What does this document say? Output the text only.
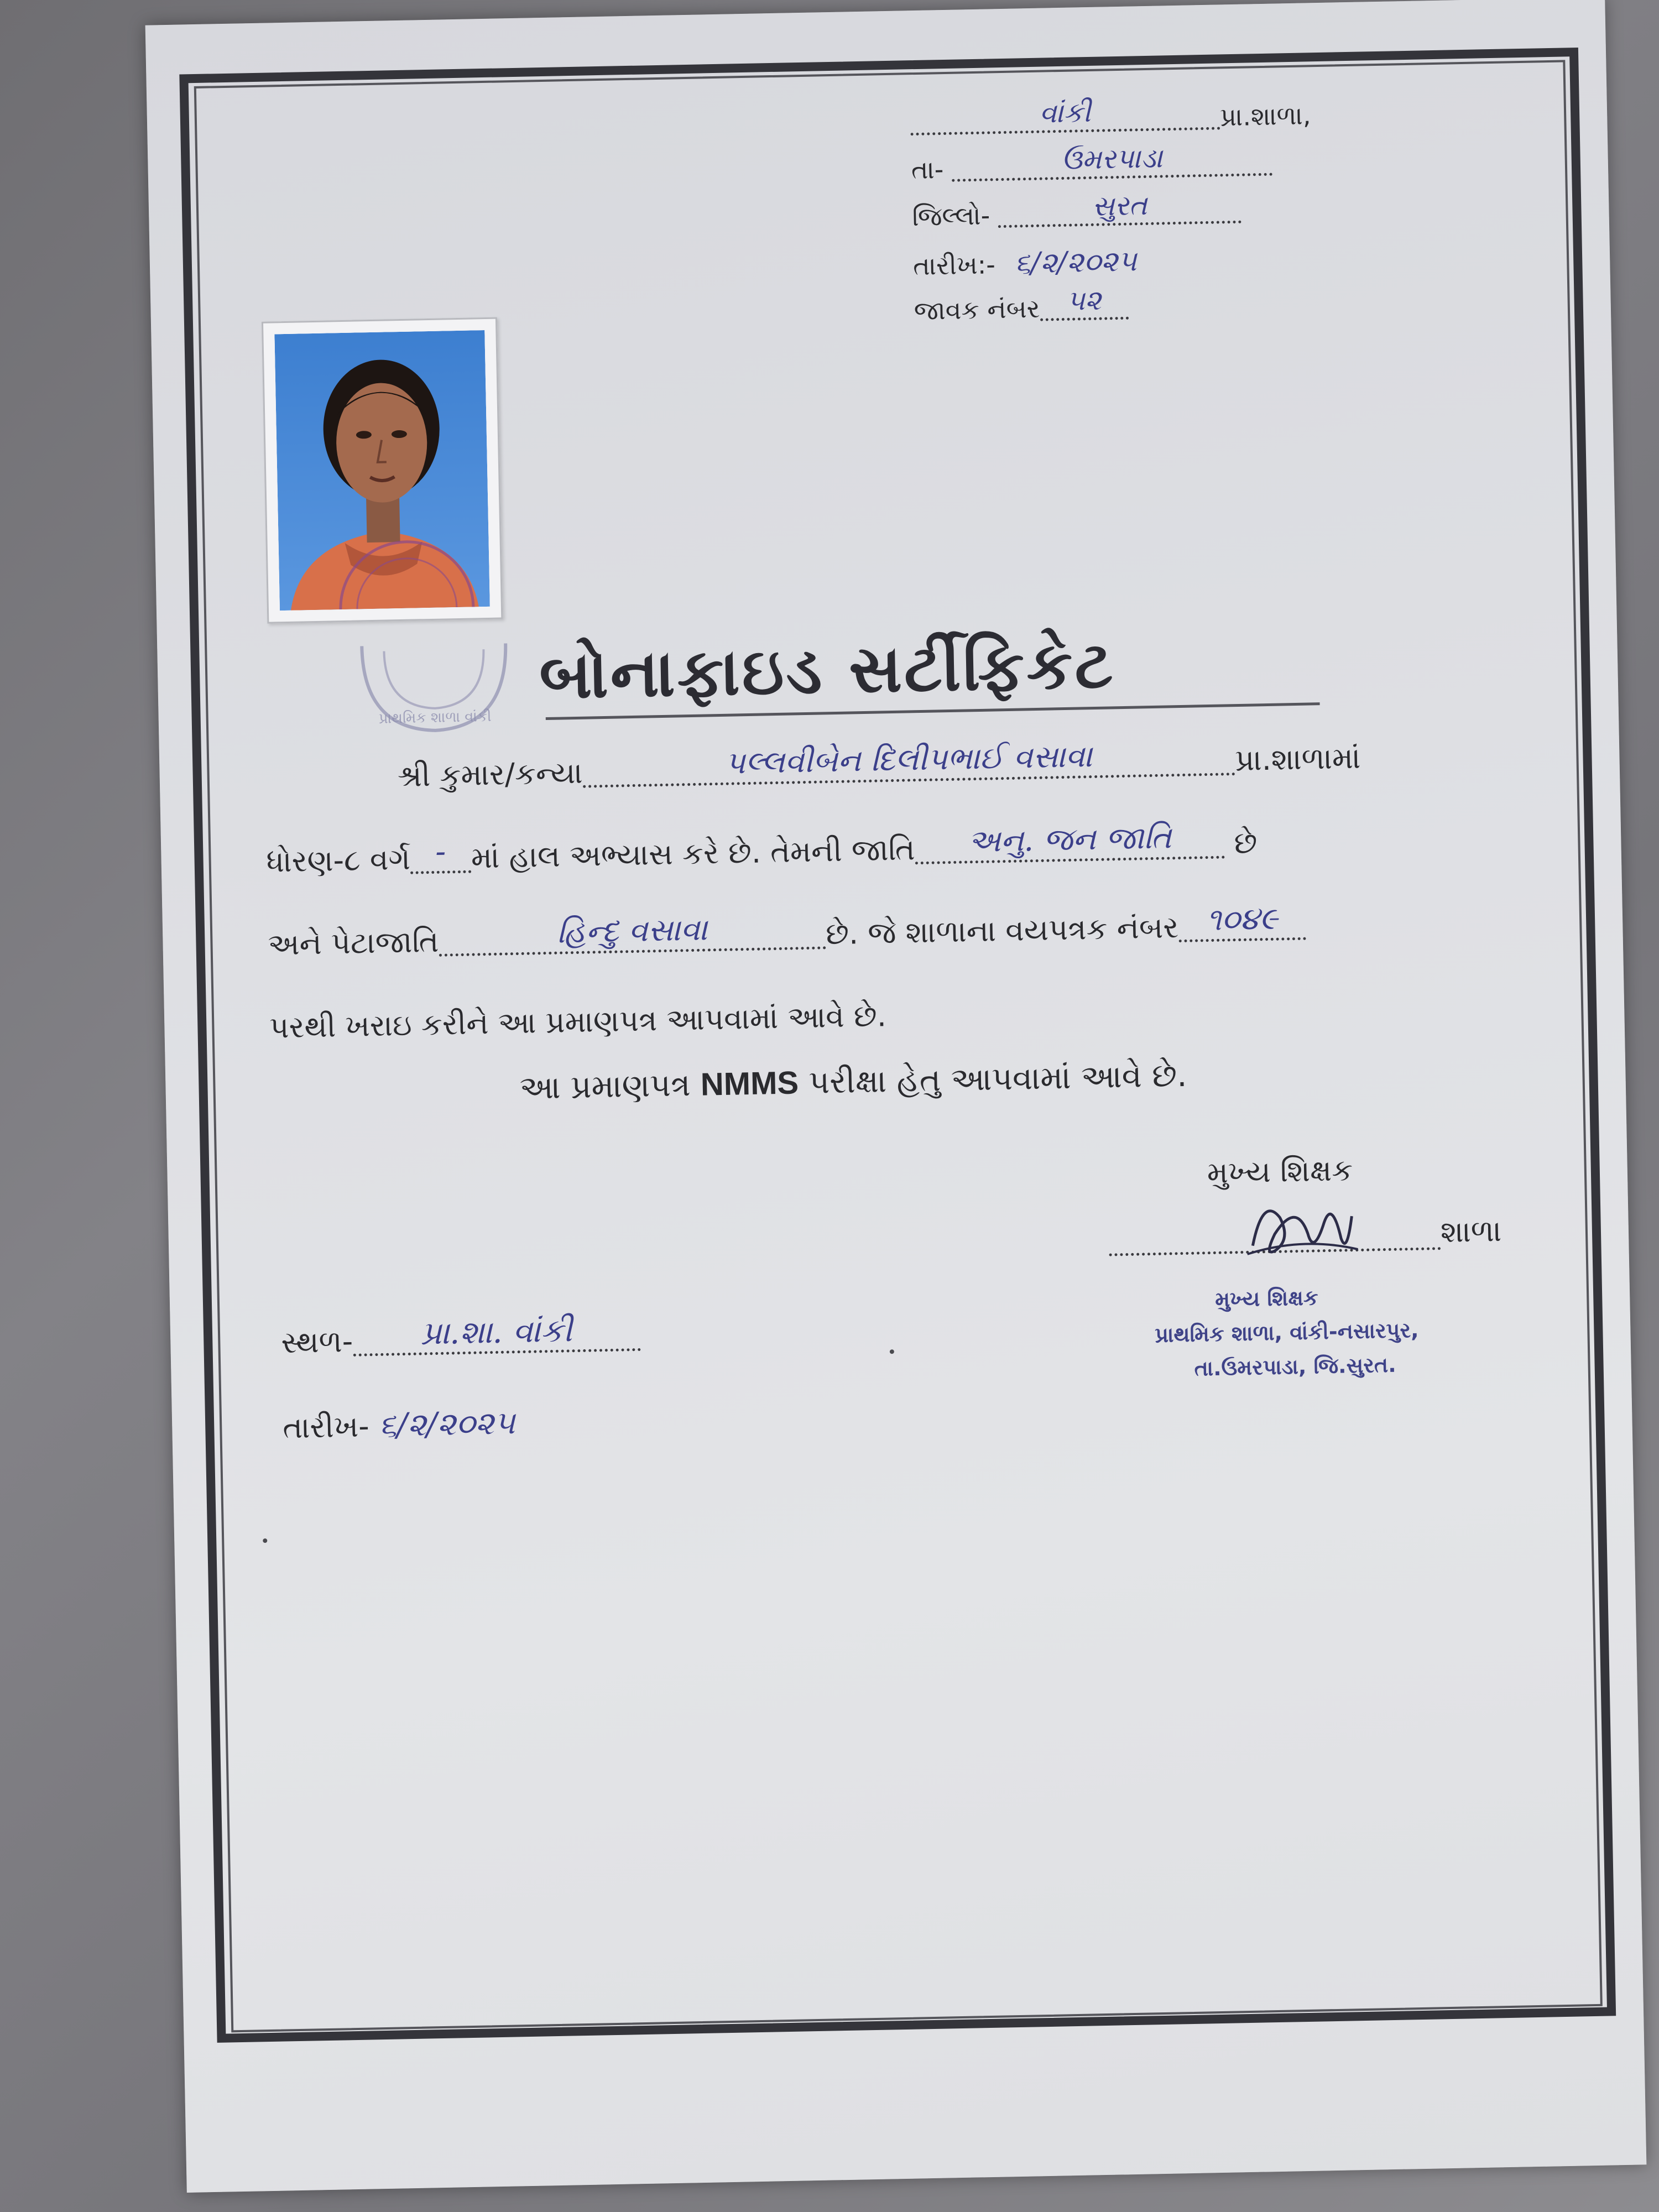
વાંકી	પ્રા.શાળા,
તા-	ઉમરપાડા
જિલ્લો-	સુરત
તારીખ:- ૬/૨/૨૦૨૫
જાવક નંબર ૫૨
પ્રાથમિક શાળા વાંકી
બોનાફાઇડ સર્ટીફિકેટ
શ્રી કુમાર/કન્યા	પલ્લવીબેન દિલીપભાઈ વસાવા	પ્રા.શાળામાં
ધોરણ-૮ વર્ગ - માં હાલ અભ્યાસ કરે છે. તેમની જાતિ	અનુ. જન જાતિ	છે
અને પેટાજાતિ	હિન્દુ વસાવા	છે. જે શાળાના વયપત્રક નંબર ૧૦૪૯
પરથી ખરાઇ કરીને આ પ્રમાણપત્ર આપવામાં આવે છે.
આ પ્રમાણપત્ર NMMS પરીક્ષા હેતુ આપવામાં આવે છે.
મુખ્ય શિક્ષક
શાળા
મુખ્ય શિક્ષક
પ્રાથમિક શાળા, વાંકી-નસારપુર,
તા.ઉમરપાડા, જિ.સુરત.
સ્થળ-	પ્રા.શા. વાંકી
તારીખ- ૬/૨/૨૦૨૫
